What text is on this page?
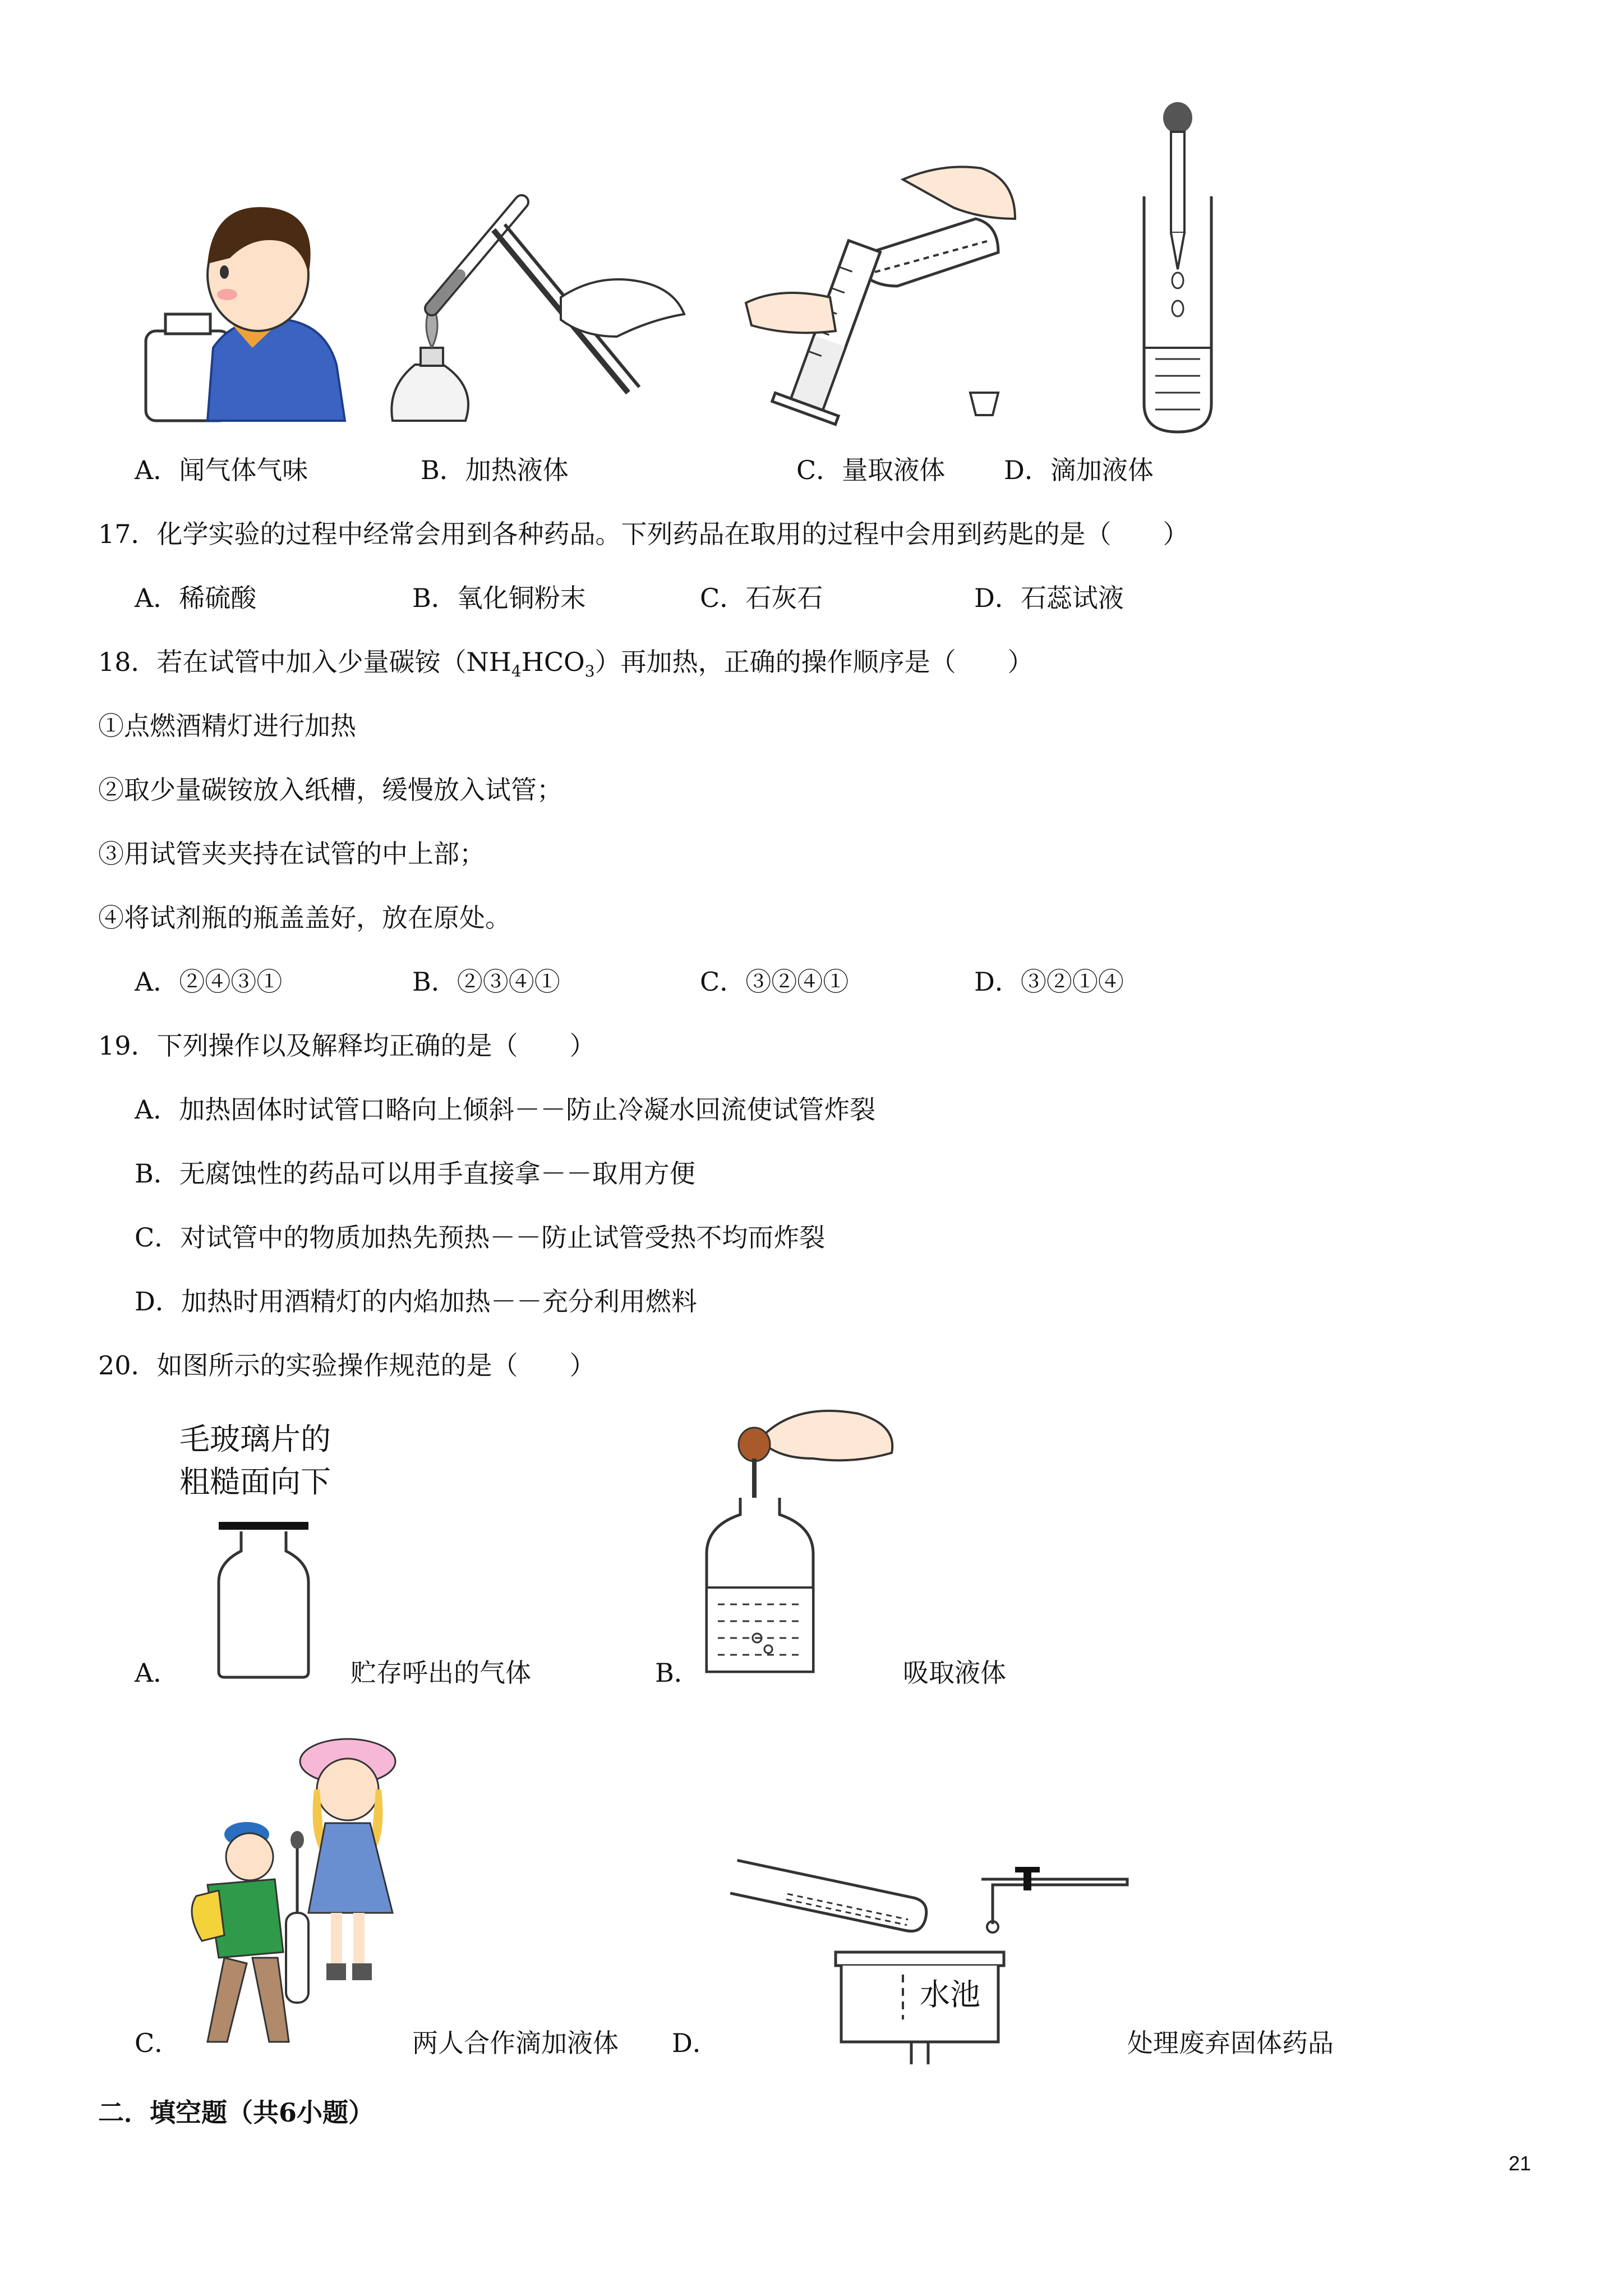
A．闻气体气味	B．加热液体	C．量取液体 D．滴加液体
17．化学实验的过程中经常会用到各种药品。下列药品在取用的过程中会用到药匙的是（　　）
A．稀硫酸	B．氧化铜粉末	C．石灰石	D．石蕊试液
18．若在试管中加入少量碳铵$(NH_4HCO_3)$再加热，正确的操作顺序是（　　）
①点燃酒精灯进行加热
②取少量碳铵放入纸槽，缓慢放入试管；
③用试管夹夹持在试管的中上部；
④将试剂瓶的瓶盖盖好，放在原处。
A．②④③①	B．②③④①	C．③②④①	D．③②①④
19．下列操作以及解释均正确的是（　　）
A．加热固体时试管口略向上倾斜－－防止冷凝水回流使试管炸裂
B．无腐蚀性的药品可以用手直接拿－－取用方便
C．对试管中的物质加热先预热－－防止试管受热不均而炸裂
D．加热时用酒精灯的内焰加热－－充分利用燃料
20．如图所示的实验操作规范的是（　　）
毛玻璃片的
粗糙面向下
A．	贮存呼出的气体	B．	吸取液体
C．	两人合作滴加液体
水池
D．	处理废弃固体药品
二．填空题（共6小题）
21
